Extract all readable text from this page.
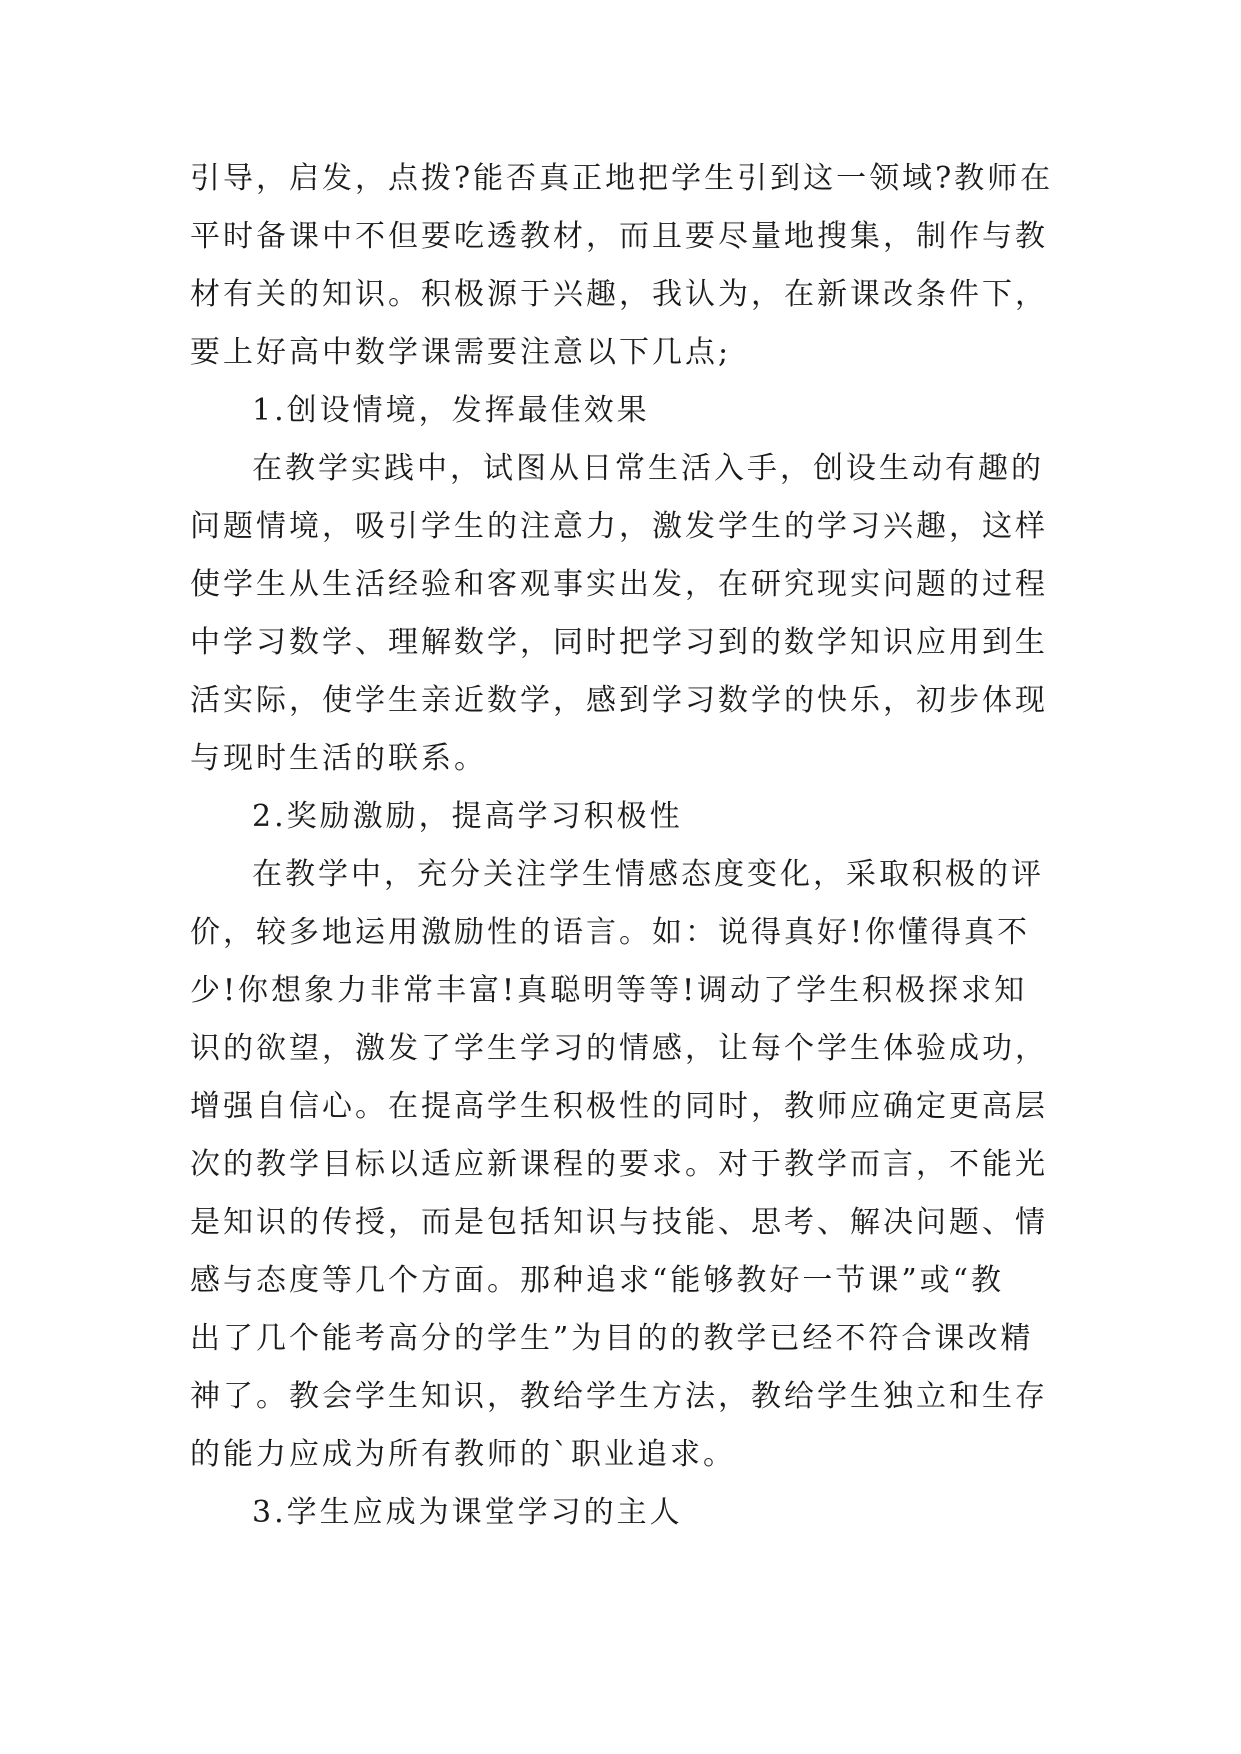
引导，启发，点拨?能否真正地把学生引到这一领域?教师在
平时备课中不但要吃透教材，而且要尽量地搜集，制作与教
材有关的知识。积极源于兴趣，我认为，在新课改条件下，
要上好高中数学课需要注意以下几点;
1.创设情境，发挥最佳效果
在教学实践中，试图从日常生活入手，创设生动有趣的
问题情境，吸引学生的注意力，激发学生的学习兴趣，这样
使学生从生活经验和客观事实出发，在研究现实问题的过程
中学习数学、理解数学，同时把学习到的数学知识应用到生
活实际，使学生亲近数学，感到学习数学的快乐，初步体现
与现时生活的联系。
2.奖励激励，提高学习积极性
在教学中，充分关注学生情感态度变化，采取积极的评
价，较多地运用激励性的语言。如：说得真好!你懂得真不
少!你想象力非常丰富!真聪明等等!调动了学生积极探求知
识的欲望，激发了学生学习的情感，让每个学生体验成功，
增强自信心。在提高学生积极性的同时，教师应确定更高层
次的教学目标以适应新课程的要求。对于教学而言，不能光
是知识的传授，而是包括知识与技能、思考、解决问题、情
感与态度等几个方面。那种追求“能够教好一节课”或“教
出了几个能考高分的学生”为目的的教学已经不符合课改精
神了。教会学生知识，教给学生方法，教给学生独立和生存
的能力应成为所有教师的`职业追求。
3.学生应成为课堂学习的主人
